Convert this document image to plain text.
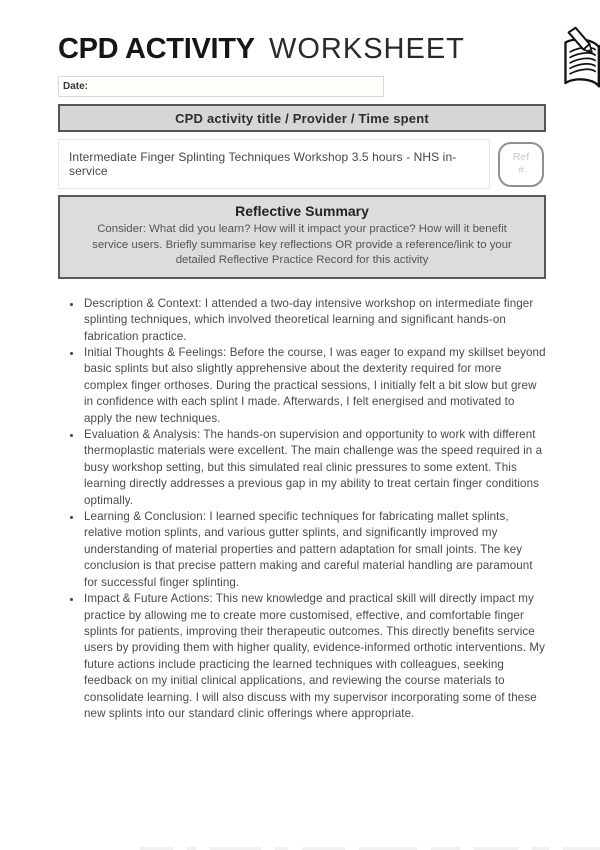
CPD ACTIVITY WORKSHEET
Date:
CPD activity title / Provider / Time spent
Intermediate Finger Splinting Techniques Workshop 3.5 hours - NHS in-service
Ref
#
Reflective Summary
Consider: What did you learn? How will it impact your practice? How will it benefit service users. Briefly summarise key reflections OR provide a reference/link to your detailed Reflective Practice Record for this activity
• Description & Context: I attended a two-day intensive workshop on intermediate finger splinting techniques, which involved theoretical learning and significant hands-on fabrication practice.
• Initial Thoughts & Feelings: Before the course, I was eager to expand my skillset beyond basic splints but also slightly apprehensive about the dexterity required for more complex finger orthoses. During the practical sessions, I initially felt a bit slow but grew in confidence with each splint I made. Afterwards, I felt energised and motivated to apply the new techniques.
• Evaluation & Analysis: The hands-on supervision and opportunity to work with different thermoplastic materials were excellent. The main challenge was the speed required in a busy workshop setting, but this simulated real clinic pressures to some extent. This learning directly addresses a previous gap in my ability to treat certain finger conditions optimally.
• Learning & Conclusion: I learned specific techniques for fabricating mallet splints, relative motion splints, and various gutter splints, and significantly improved my understanding of material properties and pattern adaptation for small joints. The key conclusion is that precise pattern making and careful material handling are paramount for successful finger splinting.
• Impact & Future Actions: This new knowledge and practical skill will directly impact my practice by allowing me to create more customised, effective, and comfortable finger splints for patients, improving their therapeutic outcomes. This directly benefits service users by providing them with higher quality, evidence-informed orthotic interventions. My future actions include practicing the learned techniques with colleagues, seeking feedback on my initial clinical applications, and reviewing the course materials to consolidate learning. I will also discuss with my supervisor incorporating some of these new splints into our standard clinic offerings where appropriate.
